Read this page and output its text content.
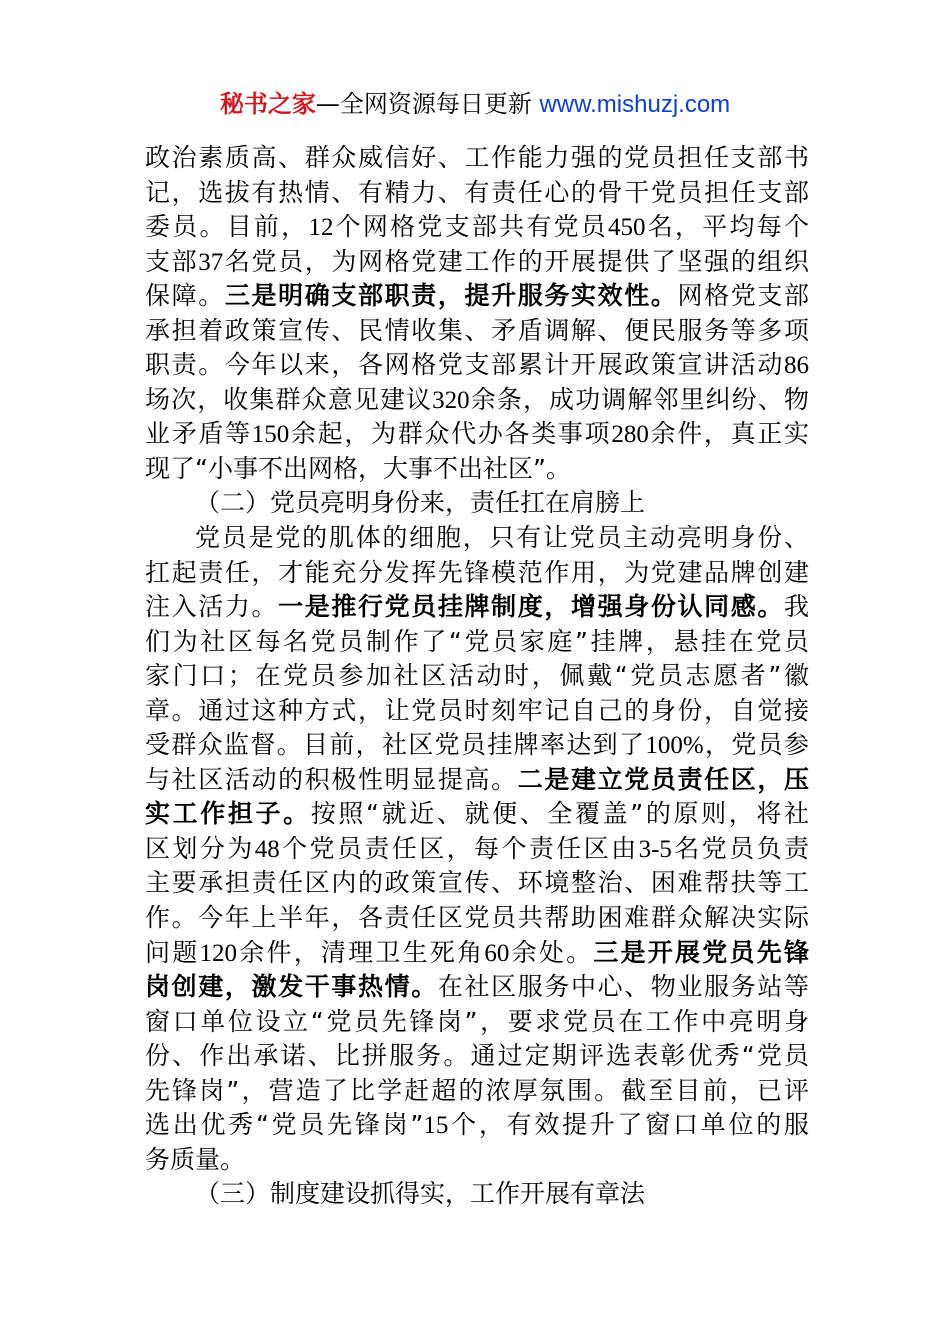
秘书之家—全网资源每日更新 www.mishuzj.com
政治素质高、群众威信好、工作能力强的党员担任支部书
记，选拔有热情、有精力、有责任心的骨干党员担任支部
委员。目前，12个网格党支部共有党员450名，平均每个
支部37名党员，为网格党建工作的开展提供了坚强的组织
保障。三是明确支部职责，提升服务实效性。网格党支部
承担着政策宣传、民情收集、矛盾调解、便民服务等多项
职责。今年以来，各网格党支部累计开展政策宣讲活动86
场次，收集群众意见建议320余条，成功调解邻里纠纷、物
业矛盾等150余起，为群众代办各类事项280余件，真正实
现了“小事不出网格，大事不出社区”。
（二）党员亮明身份来，责任扛在肩膀上
党员是党的肌体的细胞，只有让党员主动亮明身份、
扛起责任，才能充分发挥先锋模范作用，为党建品牌创建
注入活力。一是推行党员挂牌制度，增强身份认同感。我
们为社区每名党员制作了“党员家庭”挂牌，悬挂在党员
家门口；在党员参加社区活动时，佩戴“党员志愿者”徽
章。通过这种方式，让党员时刻牢记自己的身份，自觉接
受群众监督。目前，社区党员挂牌率达到了100%，党员参
与社区活动的积极性明显提高。二是建立党员责任区，压
实工作担子。按照“就近、就便、全覆盖”的原则，将社
区划分为48个党员责任区，每个责任区由3-5名党员负责
主要承担责任区内的政策宣传、环境整治、困难帮扶等工
作。今年上半年，各责任区党员共帮助困难群众解决实际
问题120余件，清理卫生死角60余处。三是开展党员先锋
岗创建，激发干事热情。在社区服务中心、物业服务站等
窗口单位设立“党员先锋岗”，要求党员在工作中亮明身
份、作出承诺、比拼服务。通过定期评选表彰优秀“党员
先锋岗”，营造了比学赶超的浓厚氛围。截至目前，已评
选出优秀“党员先锋岗”15个，有效提升了窗口单位的服
务质量。
（三）制度建设抓得实，工作开展有章法
